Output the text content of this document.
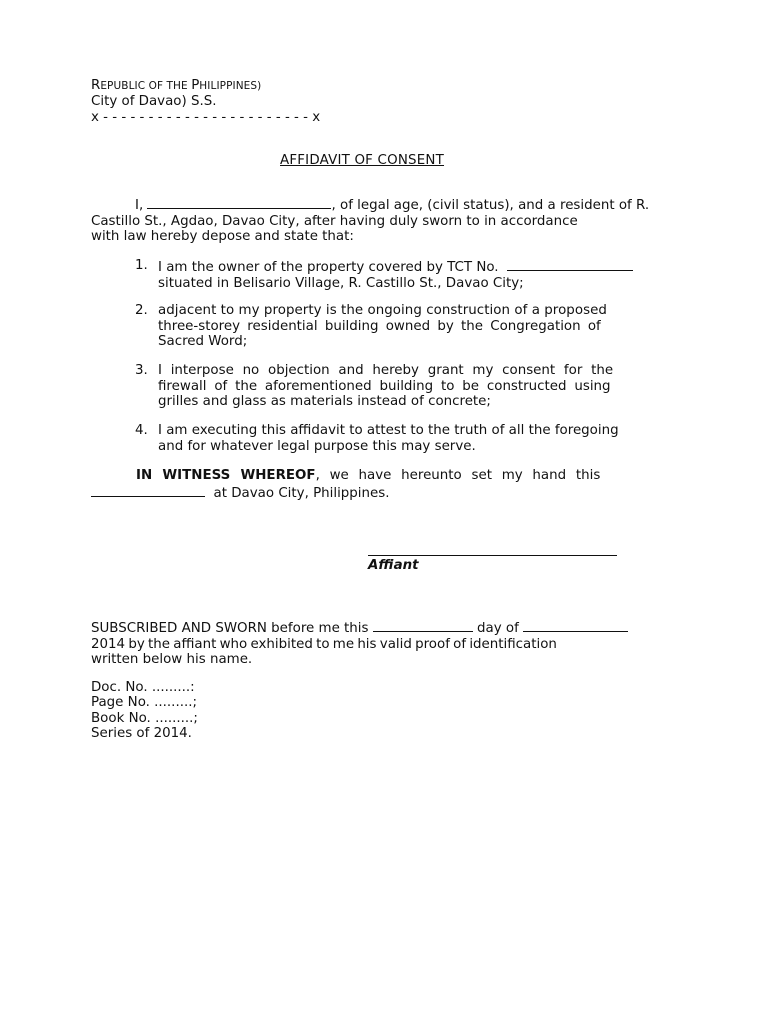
REPUBLIC OF THE PHILIPPINES)
City of Davao) S.S.
x - - - - - - - - - - - - - - - - - - - - - - - x
AFFIDAVIT OF CONSENT
I,	, of legal age, (civil status), and a resident of R.
Castillo St., Agdao, Davao City, after having duly sworn to in accordance
with law hereby depose and state that:
1. I am the owner of the property covered by TCT No.
situated in Belisario Village, R. Castillo St., Davao City;
2. adjacent to my property is the ongoing construction of a proposed
three-storey residential building owned by the Congregation of
Sacred Word;
3. I interpose no objection and hereby grant my consent for the
firewall of the aforementioned building to be constructed using
grilles and glass as materials instead of concrete;
4. I am executing this affidavit to attest to the truth of all the foregoing
and for whatever legal purpose this may serve.
IN WITNESS WHEREOF, we have hereunto set my hand this
at Davao City, Philippines.
Affiant
SUBSCRIBED AND SWORN before me this	day of
2014 by the affiant who exhibited to me his valid proof of identification
written below his name.
Doc. No. .........:
Page No. .........;
Book No. .........;
Series of 2014.
